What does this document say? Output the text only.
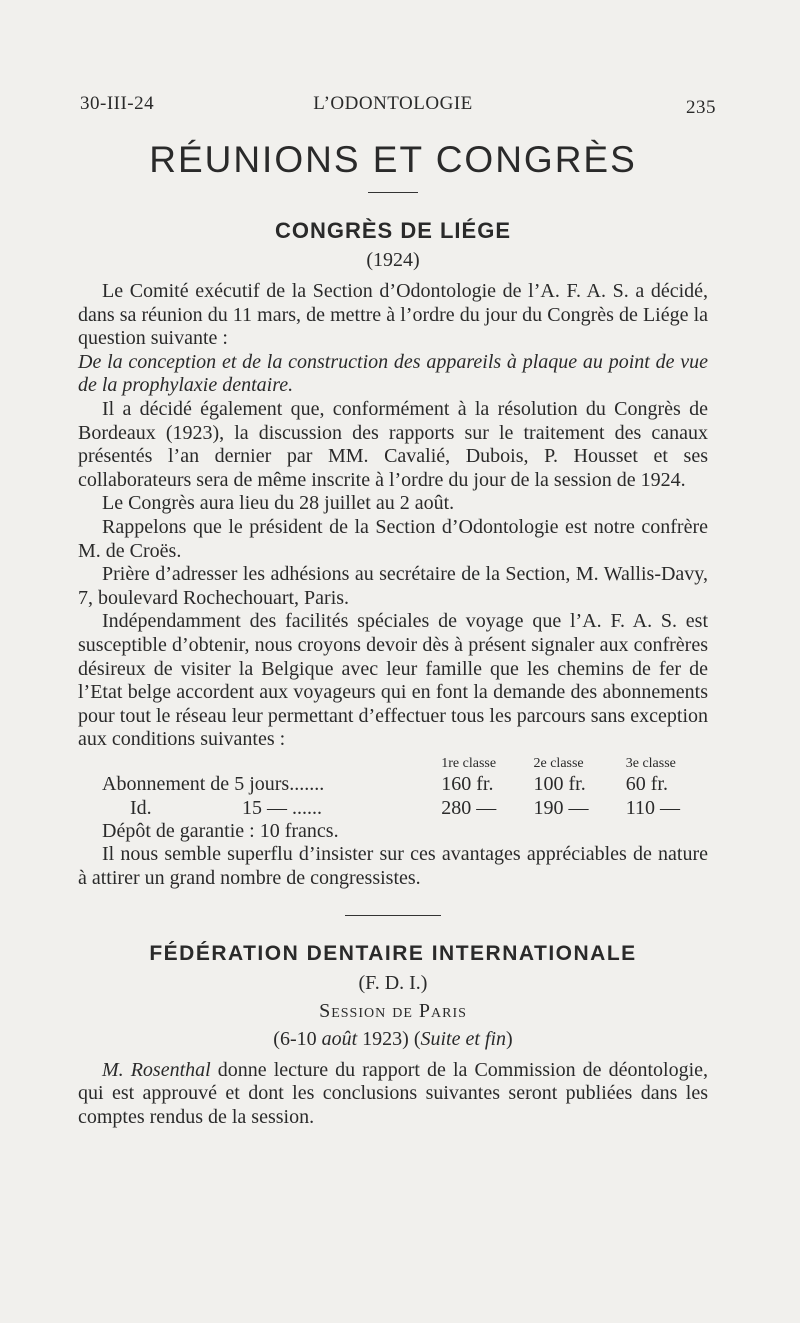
30-III-24	L’ODONTOLOGIE	235
RÉUNIONS ET CONGRÈS
CONGRÈS DE LIÉGE
(1924)

Le Comité exécutif de la Section d’Odontologie de l’A. F. A. S. a décidé, dans sa réunion du 11 mars, de mettre à l’ordre du jour du Congrès de Liége la question suivante :

De la conception et de la construction des appareils à plaque au point de vue de la prophylaxie dentaire.

Il a décidé également que, conformément à la résolution du Congrès de Bordeaux (1923), la discussion des rapports sur le traitement des canaux présentés l’an dernier par MM. Cavalié, Dubois, P. Housset et ses collaborateurs sera de même inscrite à l’ordre du jour de la session de 1924.

Le Congrès aura lieu du 28 juillet au 2 août.

Rappelons que le président de la Section d’Odontologie est notre confrère M. de Croës.

Prière d’adresser les adhésions au secrétaire de la Section, M. Wallis-Davy, 7, boulevard Rochechouart, Paris.

Indépendamment des facilités spéciales de voyage que l’A. F. A. S. est susceptible d’obtenir, nous croyons devoir dès à présent signaler aux confrères désireux de visiter la Belgique avec leur famille que les chemins de fer de l’Etat belge accordent aux voyageurs qui en font la demande des abonnements pour tout le réseau leur permettant d’effectuer tous les parcours sans exception aux conditions suivantes :

	1re classe	2e classe	3e classe
Abonnement de 5 jours.......	160 fr.	100 fr.	60 fr.
Id. 15 — ......	280 —	190 —	110 —

Dépôt de garantie : 10 francs.

Il nous semble superflu d’insister sur ces avantages appréciables de nature à attirer un grand nombre de congressistes.

FÉDÉRATION DENTAIRE INTERNATIONALE
(F. D. I.)
Session de Paris
(6-10 août 1923) (Suite et fin)

M. Rosenthal donne lecture du rapport de la Commission de déontologie, qui est approuvé et dont les conclusions suivantes seront publiées dans les comptes rendus de la session.
